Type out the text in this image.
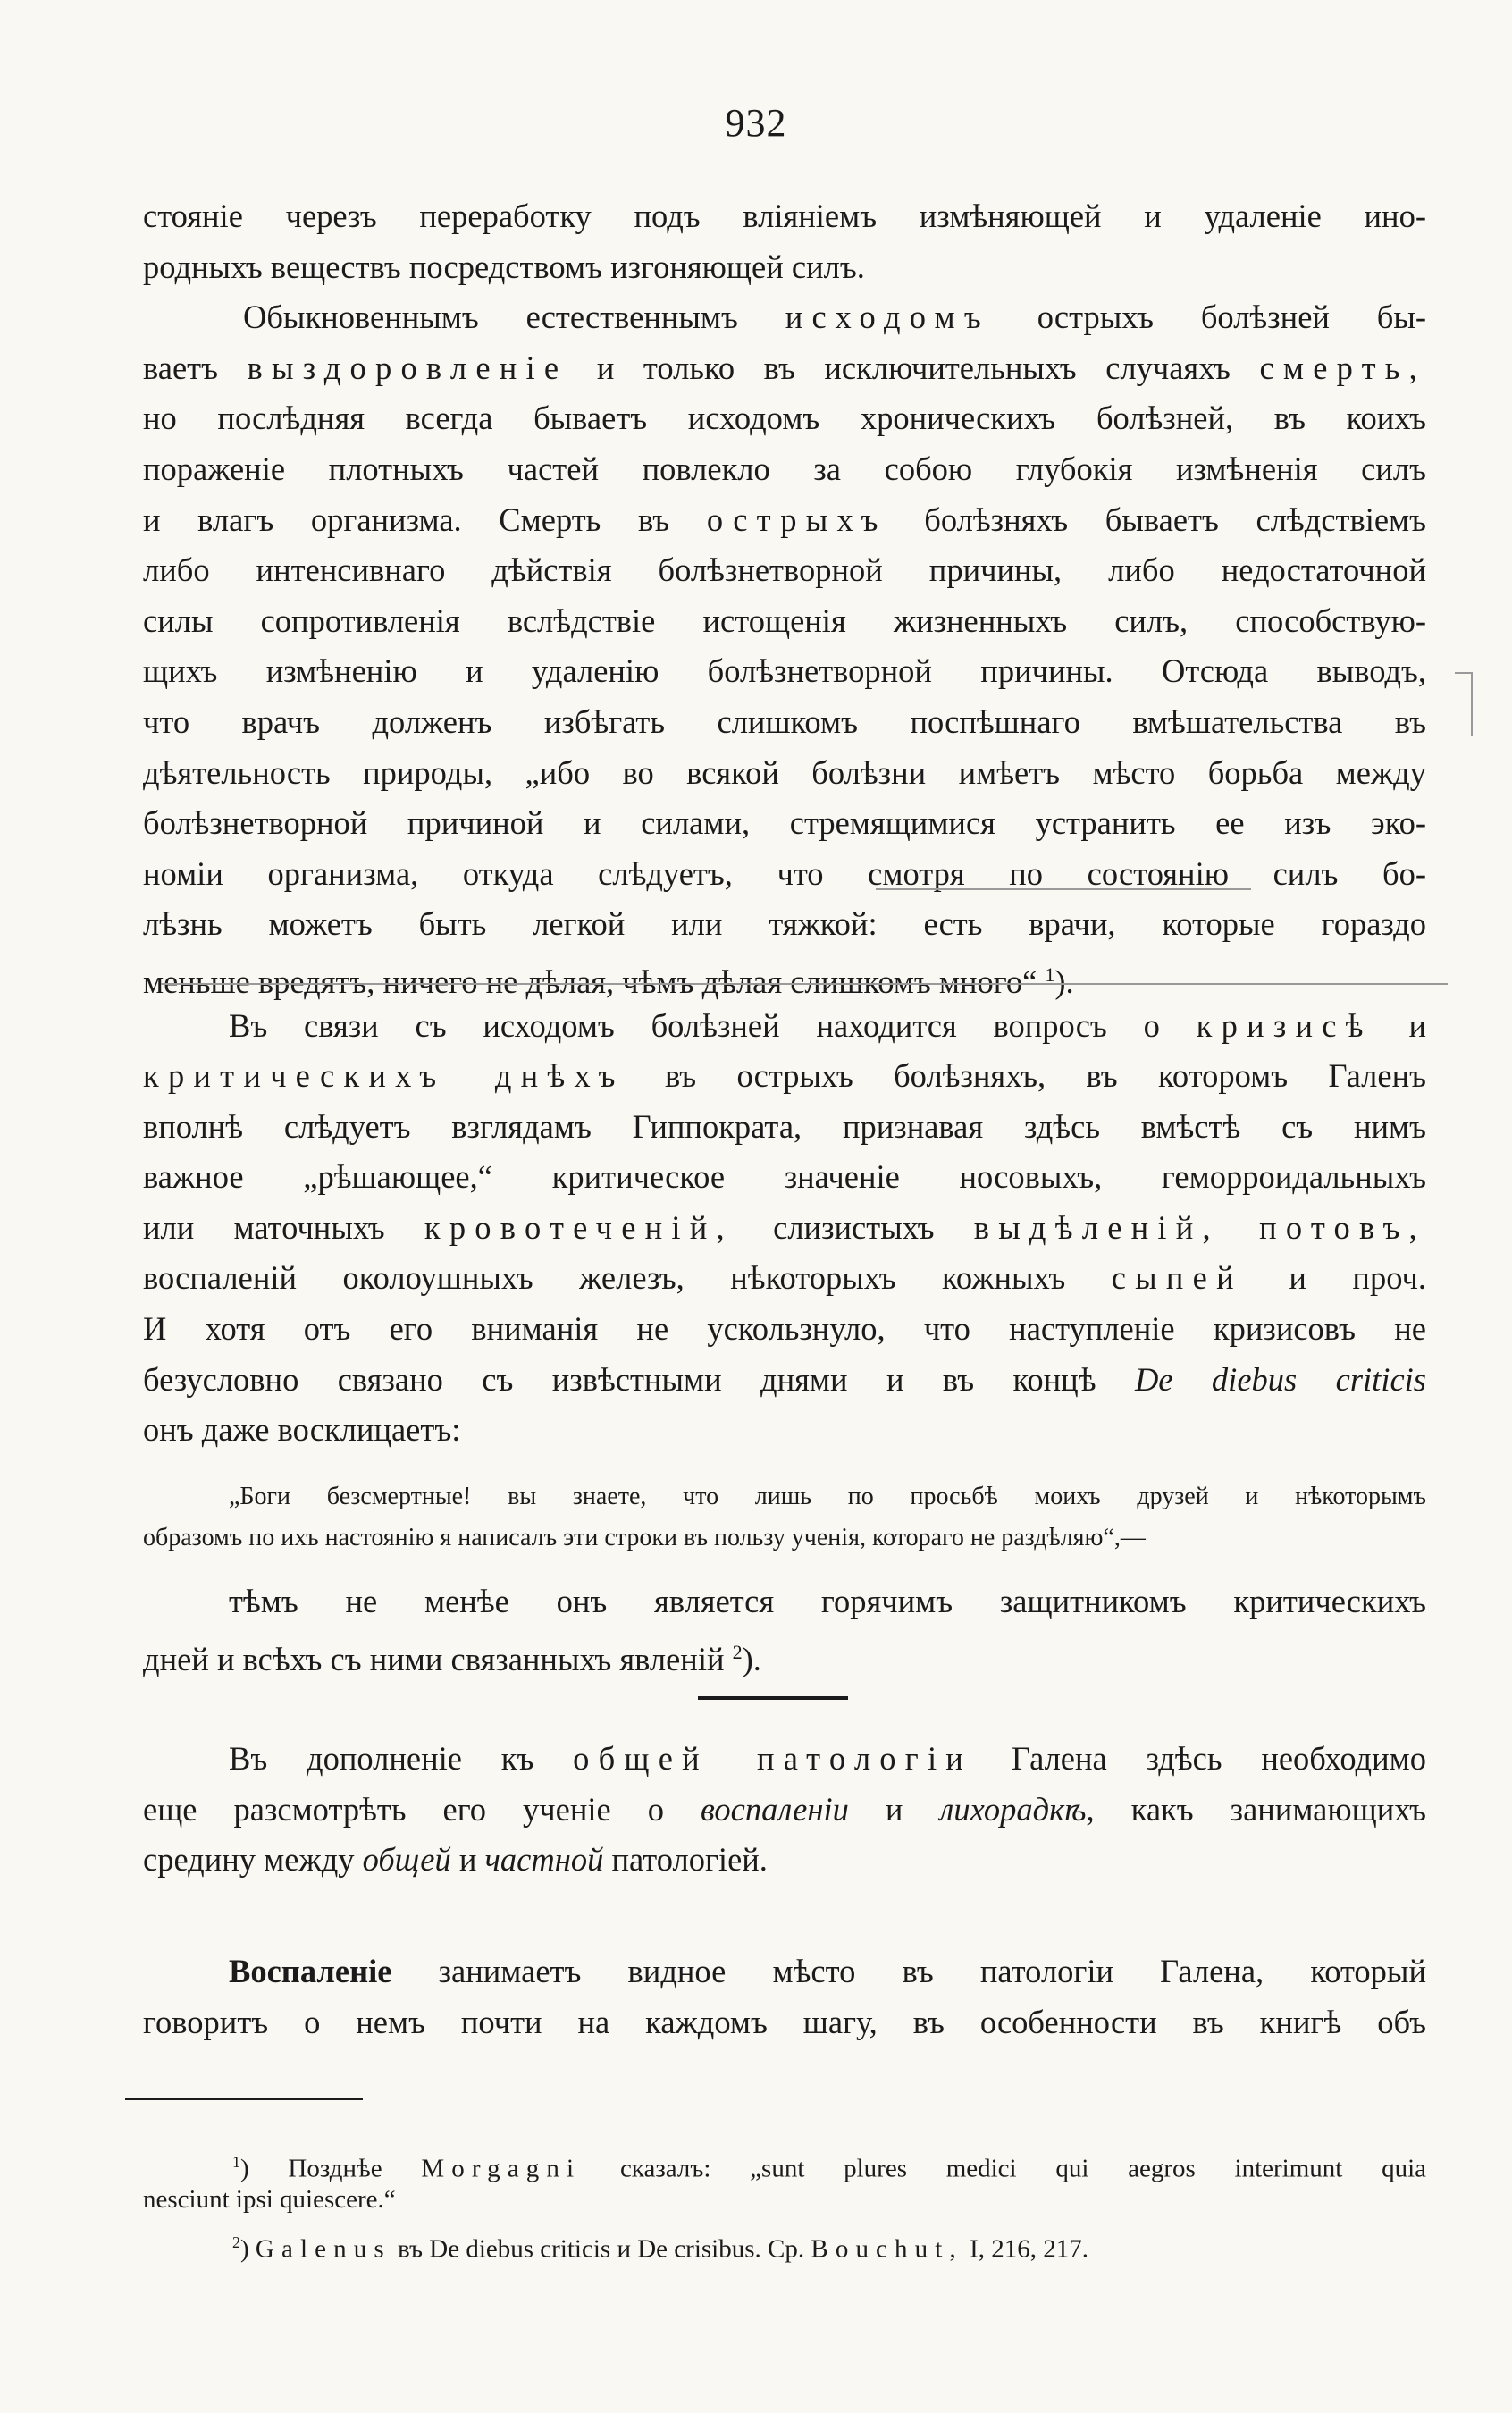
932
стояніе черезъ переработку подъ вліяніемъ измѣняющей и удаленіе ино-
родныхъ веществъ посредствомъ изгоняющей силъ.
Обыкновеннымъ естественнымъ исходомъ острыхъ болѣзней бы-
ваетъ выздоровленіе и только въ исключительныхъ случаяхъ смерть,
но послѣдняя всегда бываетъ исходомъ хроническихъ болѣзней, въ коихъ
пораженіе плотныхъ частей повлекло за собою глубокія измѣненія силъ
и влагъ организма. Смерть въ острыхъ болѣзняхъ бываетъ слѣдствіемъ
либо интенсивнаго дѣйствія болѣзнетворной причины, либо недостаточной
силы сопротивленія вслѣдствіе истощенія жизненныхъ силъ, способствую-
щихъ измѣненію и удаленію болѣзнетворной причины. Отсюда выводъ,
что врачъ долженъ избѣгать слишкомъ поспѣшнаго вмѣшательства въ
дѣятельность природы, „ибо во всякой болѣзни имѣетъ мѣсто борьба между
болѣзнетворной причиной и силами, стремящимися устранить ее изъ эко-
номіи организма, откуда слѣдуетъ, что смотря по состоянію силъ бо-
лѣзнь можетъ быть легкой или тяжкой: есть врачи, которые гораздо
меньше вредятъ, ничего не дѣлая, чѣмъ дѣлая слишкомъ много“ $^1$).
Въ связи съ исходомъ болѣзней находится вопросъ о кризисѣ и
критическихъ днѣхъ въ острыхъ болѣзняхъ, въ которомъ Галенъ
вполнѣ слѣдуетъ взглядамъ Гиппократа, признавая здѣсь вмѣстѣ съ нимъ
важное „рѣшающее,“ критическое значеніе носовыхъ, геморроидальныхъ
или маточныхъ кровотеченій, слизистыхъ выдѣленій, потовъ,
воспаленій околоушныхъ железъ, нѣкоторыхъ кожныхъ сыпей и проч.
И хотя отъ его вниманія не ускользнуло, что наступленіе кризисовъ не
безусловно связано съ извѣстными днями и въ концѣ De diebus criticis
онъ даже восклицаетъ:
„Боги безсмертные! вы знаете, что лишь по просьбѣ моихъ друзей и нѣкоторымъ
образомъ по ихъ настоянію я написалъ эти строки въ пользу ученія, котораго не раздѣляю“,—
тѣмъ не менѣе онъ является горячимъ защитникомъ критическихъ
дней и всѣхъ съ ними связанныхъ явленій $^2$).
Въ дополненіе къ общей патологіи Галена здѣсь необходимо
еще разсмотрѣть его ученіе о воспаленіи и лихорадкѣ, какъ занимающихъ
средину между общей и частной патологіей.
Воспаленіе занимаетъ видное мѣсто въ патологіи Галена, который
говоритъ о немъ почти на каждомъ шагу, въ особенности въ книгѣ объ
$^1$) Позднѣе Morgagni сказалъ: „sunt plures medici qui aegros interimunt quia
nesciunt ipsi quiescere.“
$^2$) Galenus въ De diebus criticis и De crisibus. Ср. Bouchut, I, 216, 217.
